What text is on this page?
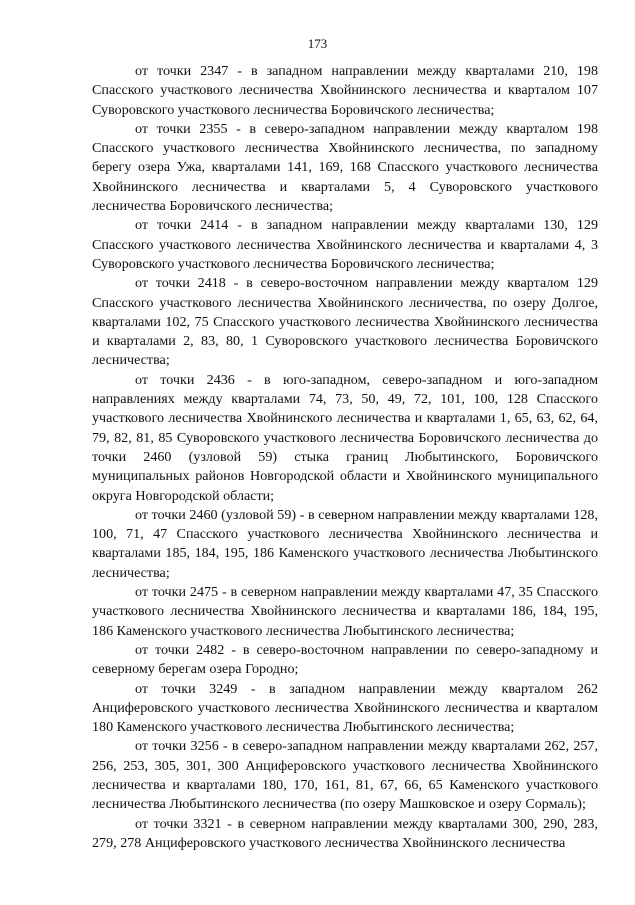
173

от точки 2347 - в западном направлении между кварталами 210, 198 Спасского участкового лесничества Хвойнинского лесничества и кварталом 107 Суворовского участкового лесничества Боровичского лесничества;

от точки 2355 - в северо-западном направлении между кварталом 198 Спасского участкового лесничества Хвойнинского лесничества, по западному берегу озера Ужа, кварталами 141, 169, 168 Спасского участкового лесничества Хвойнинского лесничества и кварталами 5, 4 Суворовского участкового лесничества Боровичского лесничества;

от точки 2414 - в западном направлении между кварталами 130, 129 Спасского участкового лесничества Хвойнинского лесничества и кварталами 4, 3 Суворовского участкового лесничества Боровичского лесничества;

от точки 2418 - в северо-восточном направлении между кварталом 129 Спасского участкового лесничества Хвойнинского лесничества, по озеру Долгое, кварталами 102, 75 Спасского участкового лесничества Хвойнинского лесничества и кварталами 2, 83, 80, 1 Суворовского участкового лесничества Боровичского лесничества;

от точки 2436 - в юго-западном, северо-западном и юго-западном направлениях между кварталами 74, 73, 50, 49, 72, 101, 100, 128 Спасского участкового лесничества Хвойнинского лесничества и кварталами 1, 65, 63, 62, 64, 79, 82, 81, 85 Суворовского участкового лесничества Боровичского лесничества до точки 2460 (узловой 59) стыка границ Любытинского, Боровичского муниципальных районов Новгородской области и Хвойнинского муниципального округа Новгородской области;

от точки 2460 (узловой 59) - в северном направлении между кварталами 128, 100, 71, 47 Спасского участкового лесничества Хвойнинского лесничества и кварталами 185, 184, 195, 186 Каменского участкового лесничества Любытинского лесничества;

от точки 2475 - в северном направлении между кварталами 47, 35 Спасского участкового лесничества Хвойнинского лесничества и кварталами 186, 184, 195, 186 Каменского участкового лесничества Любытинского лесничества;

от точки 2482 - в северо-восточном направлении по северо-западному и северному берегам озера Городно;

от точки 3249 - в западном направлении между кварталом 262 Анциферовского участкового лесничества Хвойнинского лесничества и кварталом 180 Каменского участкового лесничества Любытинского лесничества;

от точки 3256 - в северо-западном направлении между кварталами 262, 257, 256, 253, 305, 301, 300 Анциферовского участкового лесничества Хвойнинского лесничества и кварталами 180, 170, 161, 81, 67, 66, 65 Каменского участкового лесничества Любытинского лесничества (по озеру Машковское и озеру Сормаль);

от точки 3321 - в северном направлении между кварталами 300, 290, 283, 279, 278 Анциферовского участкового лесничества Хвойнинского лесничества
